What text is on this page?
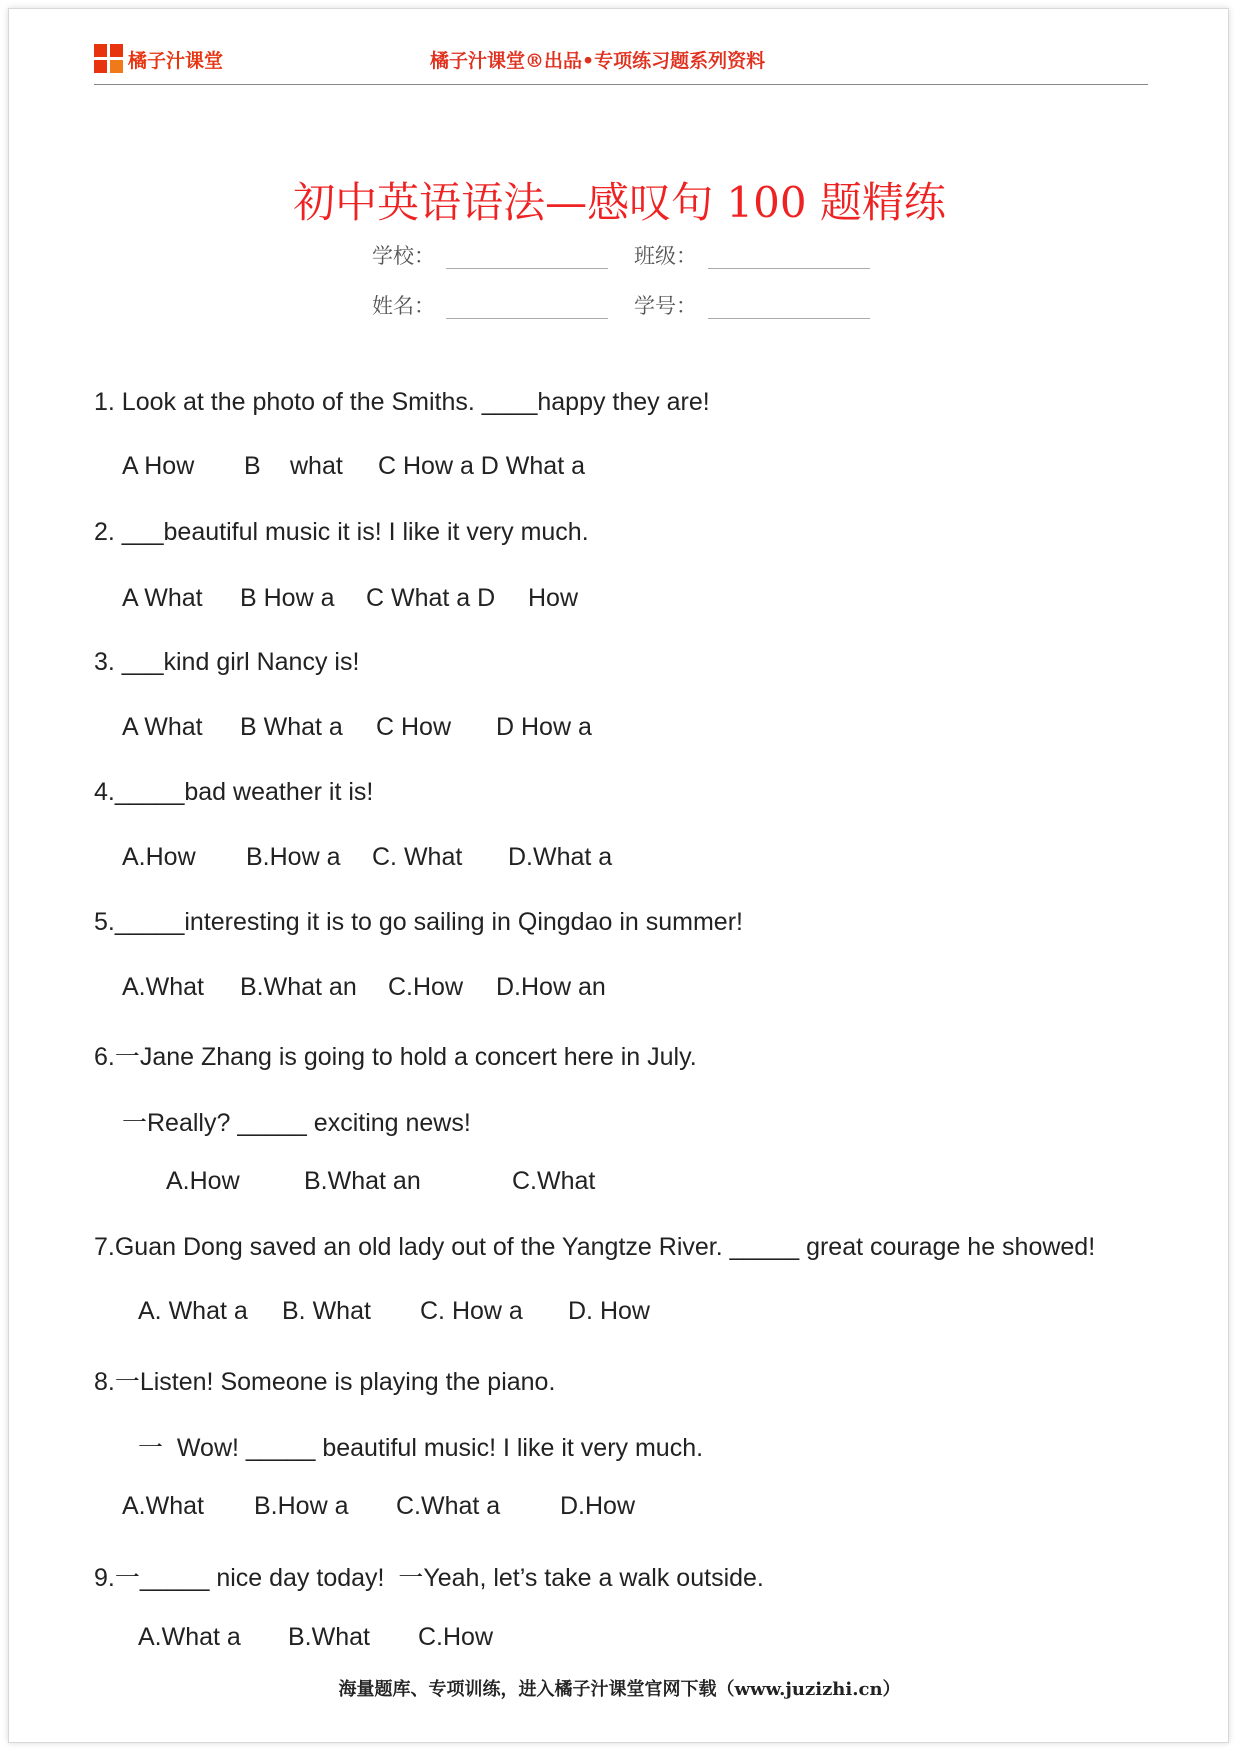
橘子汁课堂	橘子汁课堂®出品•专项练习题系列资料
初中英语语法—感叹句 100 题精练
学校：	班级：
姓名：	学号：
1. Look at the photo of the Smiths. ____happy they are!
A How B what C How a D What a
2. ___beautiful music it is! I like it very much.
A What B How a C What a D How
3. ___kind girl Nancy is!
A What B What a C How D How a
4._____bad weather it is!
A.How B.How a C. What D.What a
5._____interesting it is to go sailing in Qingdao in summer!
A.What B.What an C.How D.How an
6.一Jane Zhang is going to hold a concert here in July.
一Really? _____ exciting news!
A.How	B.What an	C.What
7.Guan Dong saved an old lady out of the Yangtze River. _____ great courage he showed!
A. What a B. What C. How a D. How
8.一Listen! Someone is playing the piano.
一  Wow! _____ beautiful music! I like it very much.
A.What B.How a C.What a D.How
9.一_____ nice day today!  一Yeah, let’s take a walk outside.
A.What a B.What C.How
海量题库、专项训练，进入橘子汁课堂官网下载（www.juzizhi.cn）
